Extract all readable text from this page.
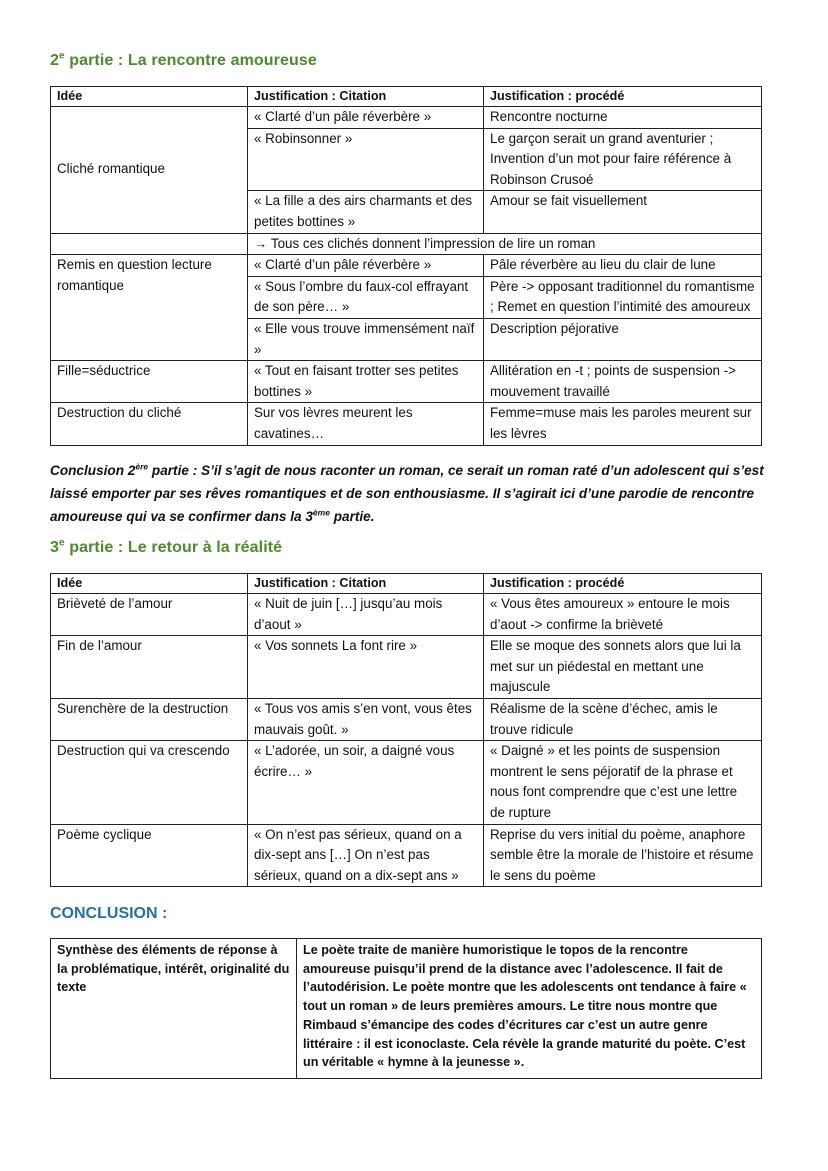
2e partie : La rencontre amoureuse
Idée	Justification : Citation	Justification : procédé
Cliché romantique	« Clarté d’un pâle réverbère »	Rencontre nocturne
	« Robinsonner »	Le garçon serait un grand aventurier ; Invention d’un mot pour faire référence à Robinson Crusoé
	« La fille a des airs charmants et des petites bottines »	Amour se fait visuellement
	→ Tous ces clichés donnent l’impression de lire un roman	
Remis en question lecture romantique	« Clarté d’un pâle réverbère »	Pâle réverbère au lieu du clair de lune
	« Sous l’ombre du faux-col effrayant de son père… »	Père -> opposant traditionnel du romantisme ; Remet en question l’intimité des amoureux
	« Elle vous trouve immensément naïf »	Description péjorative
Fille=séductrice	« Tout en faisant trotter ses petites bottines »	Allitération en -t ; points de suspension -> mouvement travaillé
Destruction du cliché	Sur vos lèvres meurent les cavatines…	Femme=muse mais les paroles meurent sur les lèvres

Conclusion 2ère partie : S’il s’agit de nous raconter un roman, ce serait un roman raté d’un adolescent qui s’est laissé emporter par ses rêves romantiques et de son enthousiasme. Il s’agirait ici d’une parodie de rencontre amoureuse qui va se confirmer dans la 3ème partie.

3e partie : Le retour à la réalité
Idée	Justification : Citation	Justification : procédé
Brièveté de l’amour	« Nuit de juin […] jusqu’au mois d’aout »	« Vous êtes amoureux » entoure le mois d’aout -> confirme la brièveté
Fin de l’amour	« Vos sonnets La font rire »	Elle se moque des sonnets alors que lui la met sur un piédestal en mettant une majuscule
Surenchère de la destruction	« Tous vos amis s’en vont, vous êtes mauvais goût. »	Réalisme de la scène d’échec, amis le trouve ridicule
Destruction qui va crescendo	« L’adorée, un soir, a daigné vous écrire… »	« Daigné » et les points de suspension montrent le sens péjoratif de la phrase et nous font comprendre que c’est une lettre de rupture
Poème cyclique	« On n’est pas sérieux, quand on a dix-sept ans […] On n’est pas sérieux, quand on a dix-sept ans »	Reprise du vers initial du poème, anaphore semble être la morale de l’histoire et résume le sens du poème
CONCLUSION :
Synthèse des éléments de réponse à la problématique, intérêt, originalité du texte	Le poète traite de manière humoristique le topos de la rencontre amoureuse puisqu’il prend de la distance avec l’adolescence. Il fait de l’autodérision. Le poète montre que les adolescents ont tendance à faire « tout un roman » de leurs premières amours. Le titre nous montre que Rimbaud s’émancipe des codes d’écritures car c’est un autre genre littéraire : il est iconoclaste. Cela révèle la grande maturité du poète. C’est un véritable « hymne à la jeunesse ».
